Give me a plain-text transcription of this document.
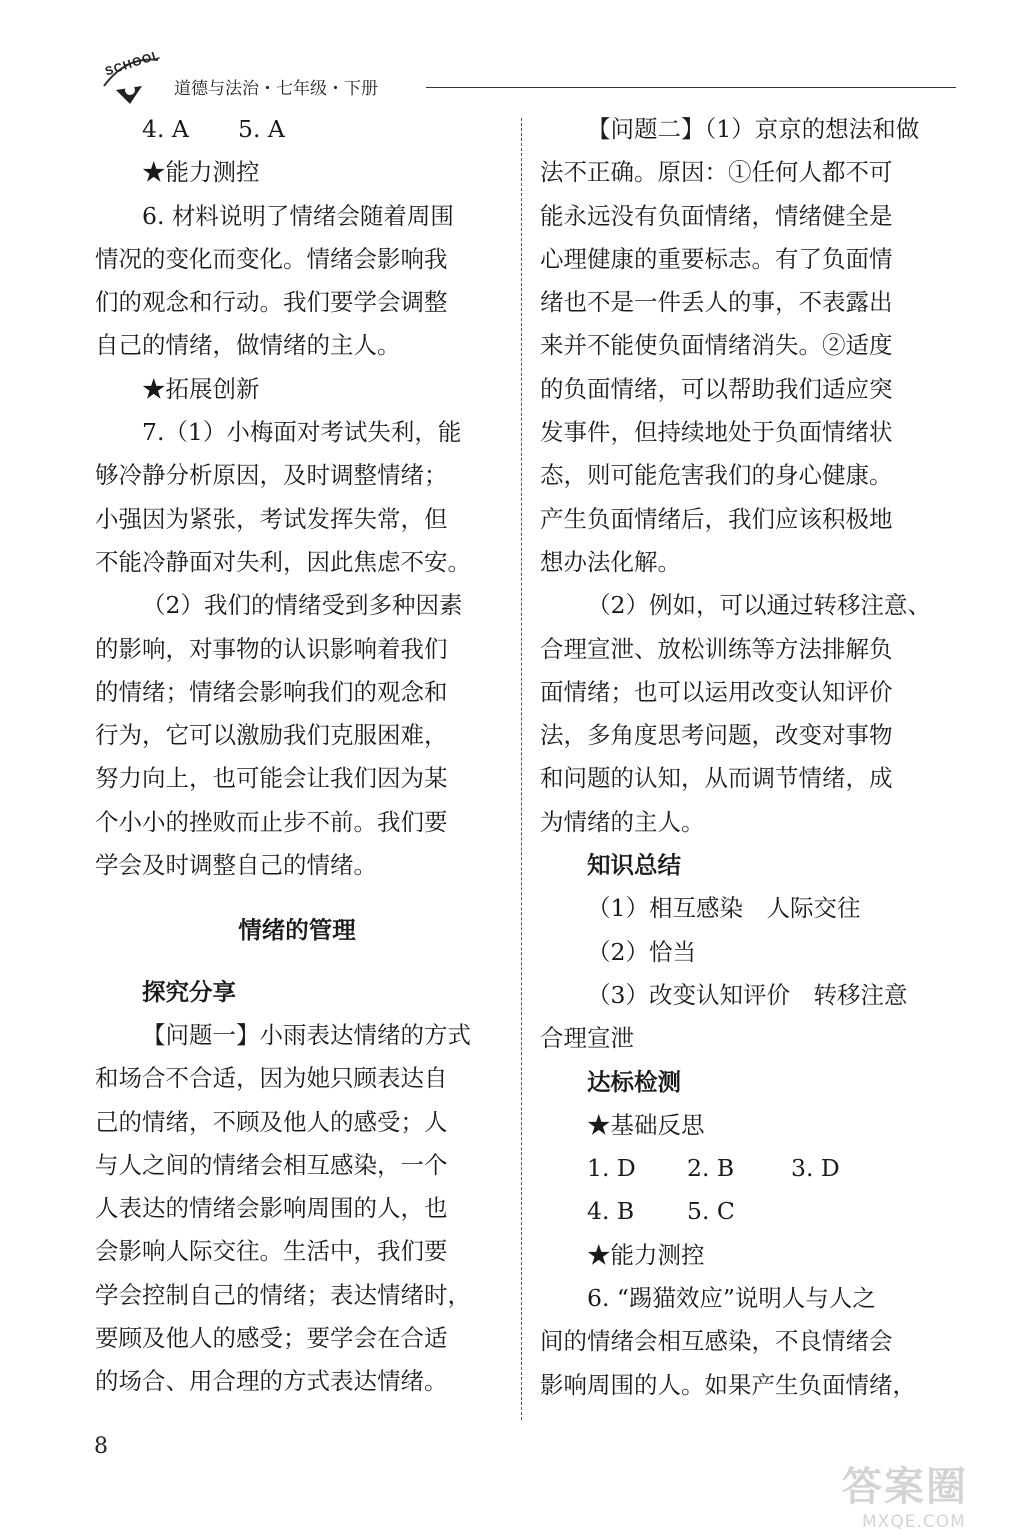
SCHOOL
道德与法治・七年级・下册

4. A 5. A

★能力测控

6. 材料说明了情绪会随着周围

情况的变化而变化。情绪会影响我

们的观念和行动。我们要学会调整

自己的情绪，做情绪的主人。

★拓展创新

7.（1）小梅面对考试失利，能

够冷静分析原因，及时调整情绪；

小强因为紧张，考试发挥失常，但

不能冷静面对失利，因此焦虑不安。

（2）我们的情绪受到多种因素

的影响，对事物的认识影响着我们

的情绪；情绪会影响我们的观念和

行为，它可以激励我们克服困难，

努力向上，也可能会让我们因为某

个小小的挫败而止步不前。我们要

学会及时调整自己的情绪。

情绪的管理

探究分享

【问题一】小雨表达情绪的方式

和场合不合适，因为她只顾表达自

己的情绪，不顾及他人的感受；人

与人之间的情绪会相互感染，一个

人表达的情绪会影响周围的人，也

会影响人际交往。生活中，我们要

学会控制自己的情绪；表达情绪时，

要顾及他人的感受；要学会在合适

的场合、用合理的方式表达情绪。

【问题二】（1）京京的想法和做

法不正确。原因：①任何人都不可

能永远没有负面情绪，情绪健全是

心理健康的重要标志。有了负面情

绪也不是一件丢人的事，不表露出

来并不能使负面情绪消失。②适度

的负面情绪，可以帮助我们适应突

发事件，但持续地处于负面情绪状

态，则可能危害我们的身心健康。

产生负面情绪后，我们应该积极地

想办法化解。

（2）例如，可以通过转移注意、

合理宣泄、放松训练等方法排解负

面情绪；也可以运用改变认知评价

法，多角度思考问题，改变对事物

和问题的认知，从而调节情绪，成

为情绪的主人。

知识总结

（1）相互感染　人际交往

（2）恰当

（3）改变认知评价　转移注意

合理宣泄

达标检测

★基础反思

1. D 2. B 3. D

4. B 5. C

★能力测控

6. “踢猫效应”说明人与人之

间的情绪会相互感染，不良情绪会

影响周围的人。如果产生负面情绪，

8
答案圈
MXQE.COM
